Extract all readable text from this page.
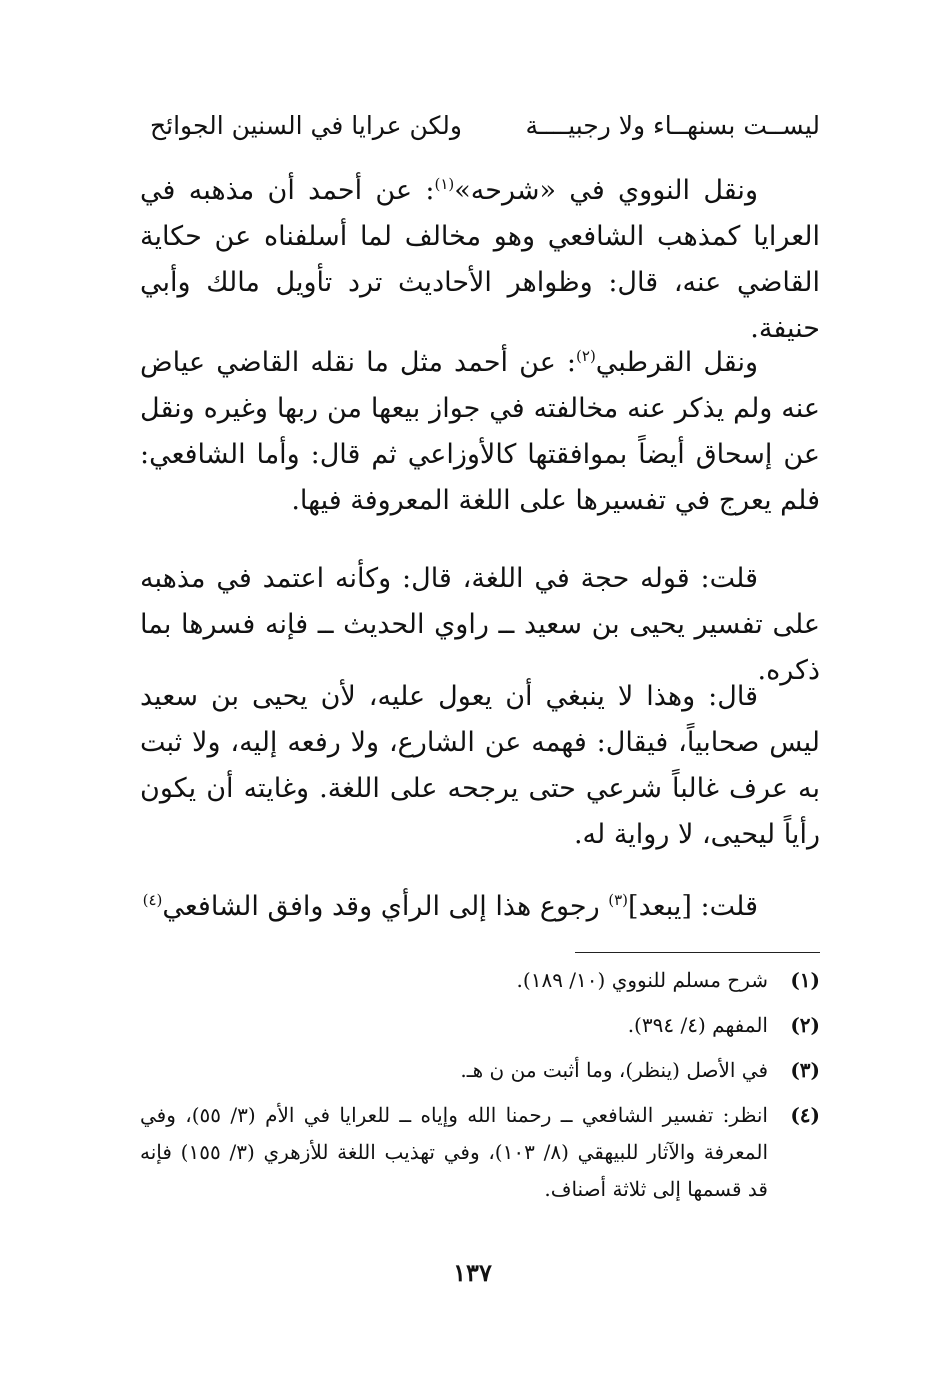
ليســت بسنهــاء ولا رجبيــــة
ولكن عرايا في السنين الجوائح

ونقل النووي في «شرحه»$^{(١)}$: عن أحمد أن مذهبه في العرايا كمذهب الشافعي وهو مخالف لما أسلفناه عن حكاية القاضي عنه، قال: وظواهر الأحاديث ترد تأويل مالك وأبي حنيفة.

ونقل القرطبي$^{(٢)}$: عن أحمد مثل ما نقله القاضي عياض عنه ولم يذكر عنه مخالفته في جواز بيعها من ربها وغيره ونقل عن إسحاق أيضاً بموافقتها كالأوزاعي ثم قال: وأما الشافعي: فلم يعرج في تفسيرها على اللغة المعروفة فيها.

قلت: قوله حجة في اللغة، قال: وكأنه اعتمد في مذهبه على تفسير يحيى بن سعيد ــ راوي الحديث ــ فإنه فسرها بما ذكره.

قال: وهذا لا ينبغي أن يعول عليه، لأن يحيى بن سعيد ليس صحابياً، فيقال: فهمه عن الشارع، ولا رفعه إليه، ولا ثبت به عرف غالباً شرعي حتى يرجحه على اللغة. وغايته أن يكون رأياً ليحيى، لا رواية له.

قلت: [يبعد]$^{(٣)}$ رجوع هذا إلى الرأي وقد وافق الشافعي$^{(٤)}$

(١)
شرح مسلم للنووي (١٠/ ١٨٩).
(٢)
المفهم (٤/ ٣٩٤).
(٣)
في الأصل (ينظر)، وما أثبت من ن هـ.
(٤)
انظر: تفسير الشافعي ــ رحمنا الله وإياه ــ للعرايا في الأم (٣/ ٥٥)، وفي المعرفة والآثار للبيهقي (٨/ ١٠٣)، وفي تهذيب اللغة للأزهري (٣/ ١٥٥) فإنه قد قسمها إلى ثلاثة أصناف.
١٣٧
